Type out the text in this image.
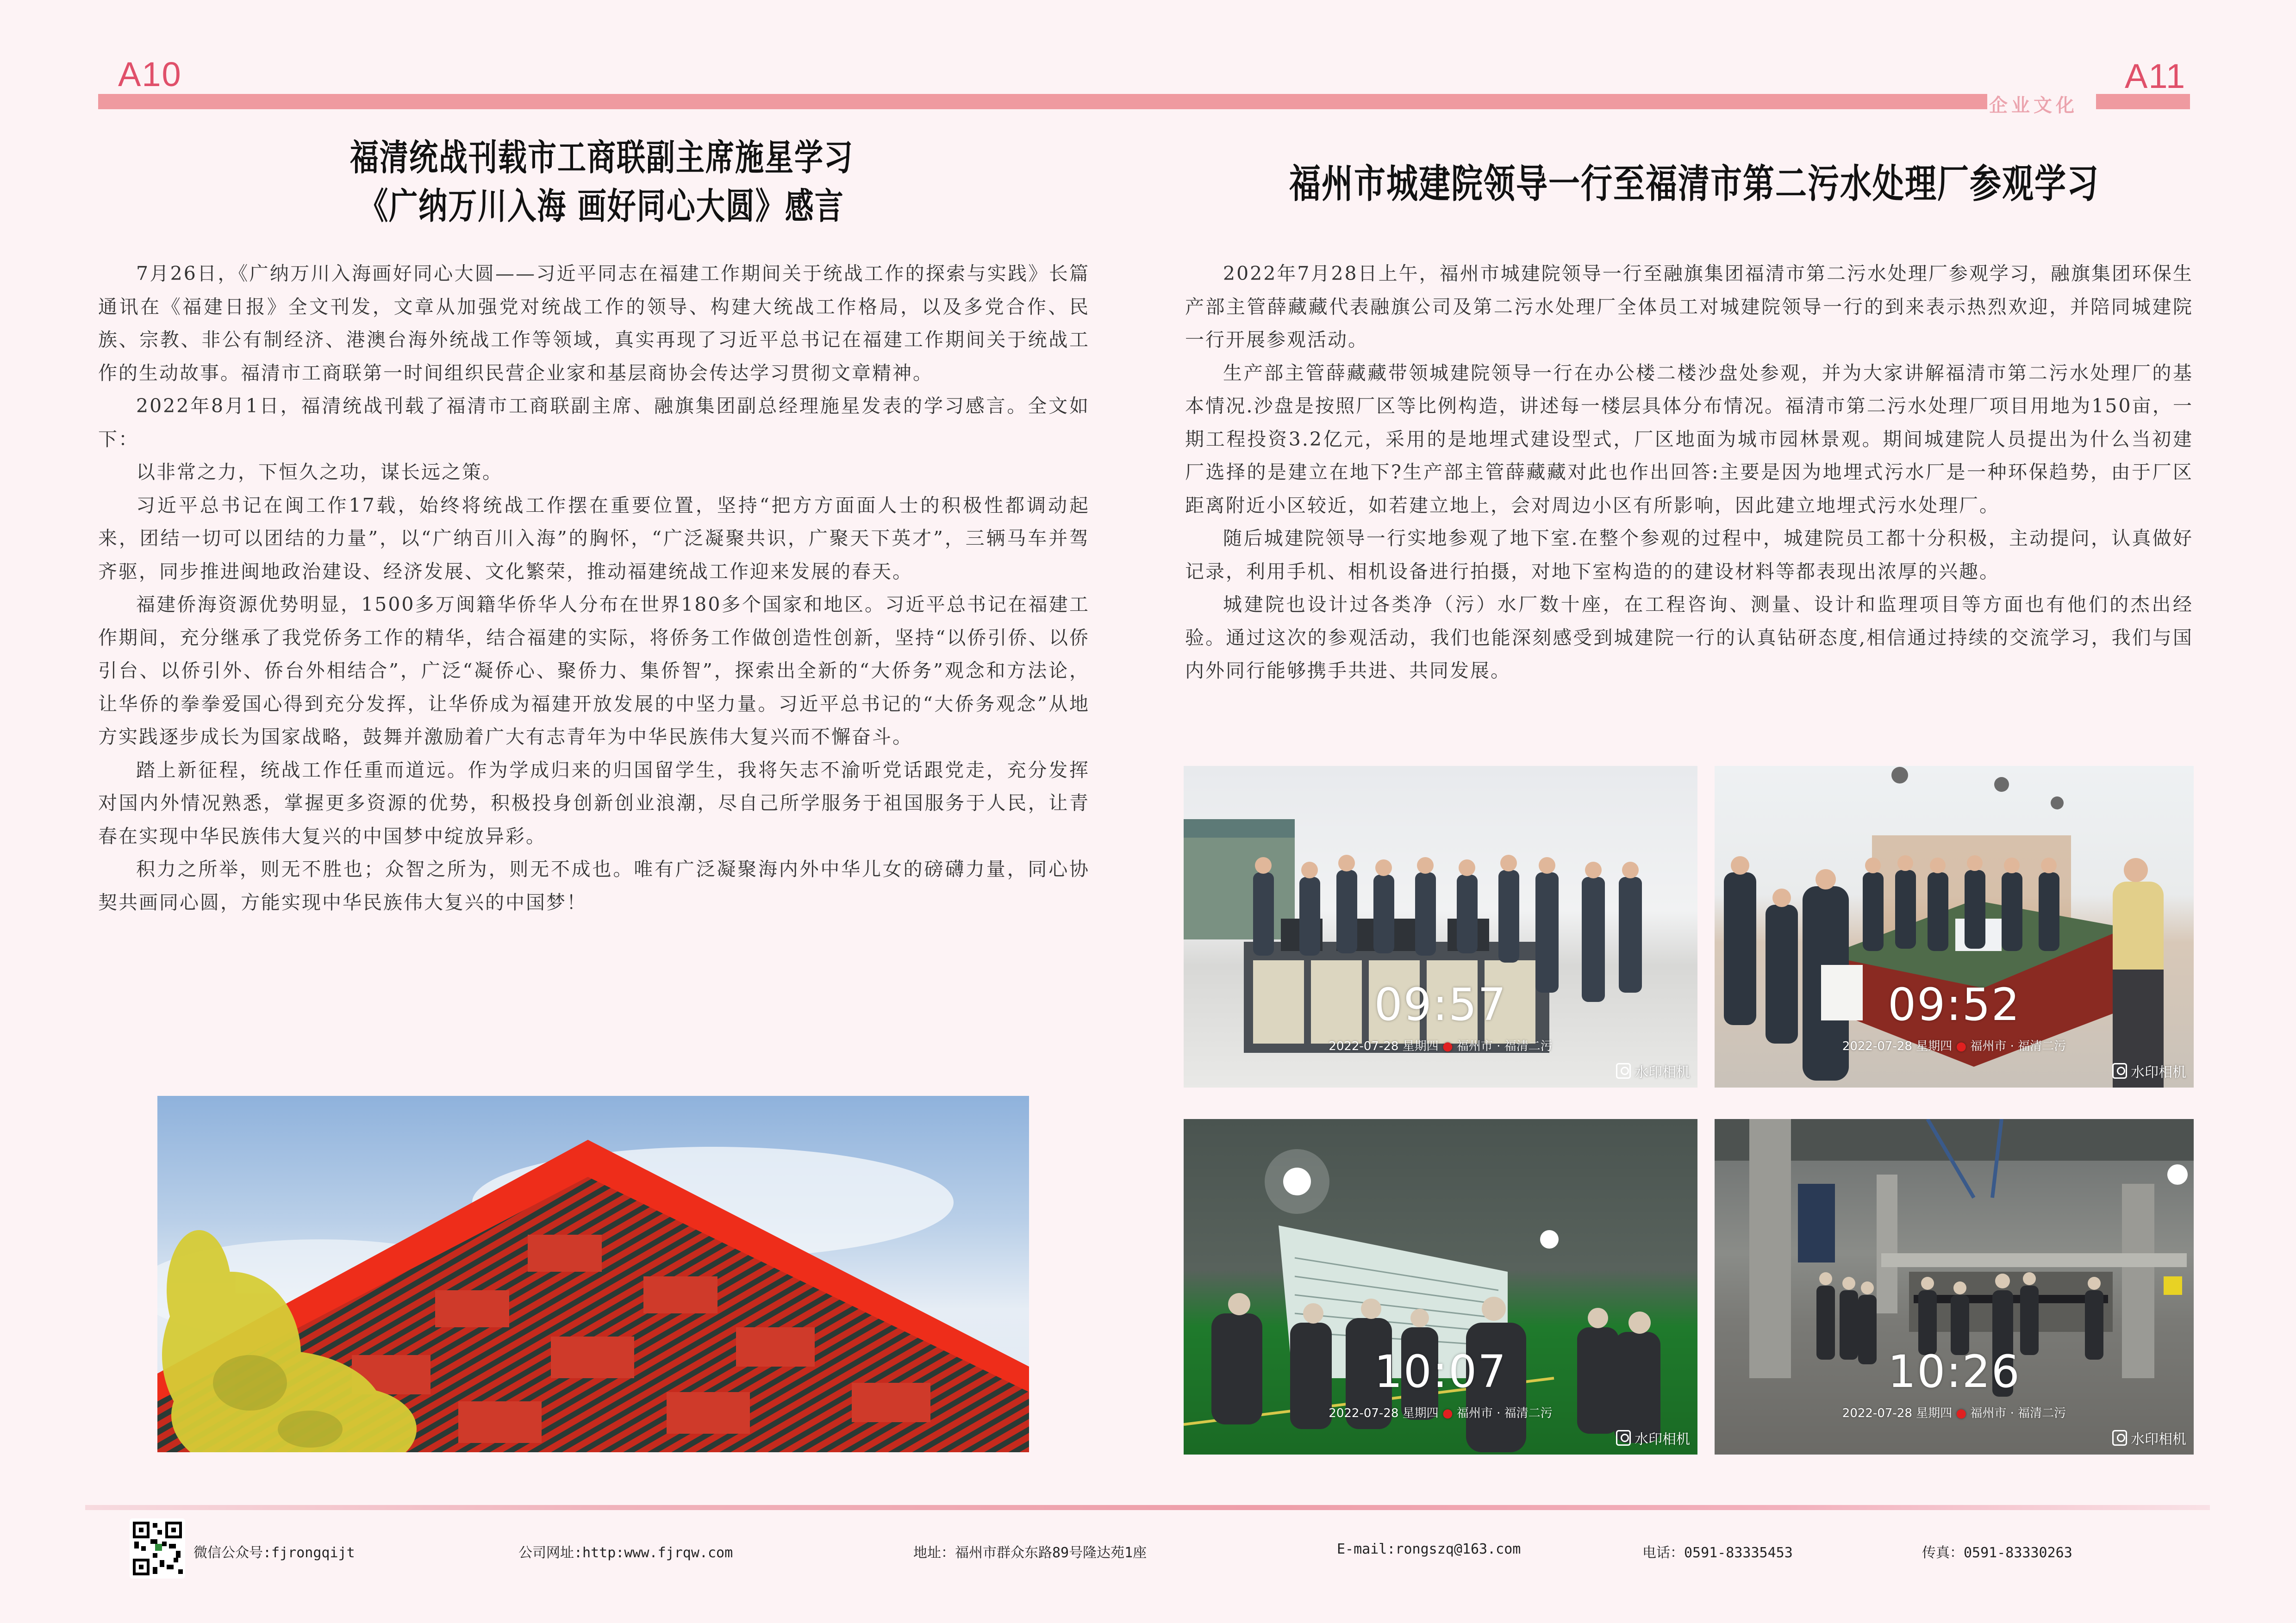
A10
企业文化
A11
福清统战刊载市工商联副主席施星学习
《广纳万川入海 画好同心大圆》感言

7月26日，《广纳万川入海画好同心大圆——习近平同志在福建工作期间关于统战工作的探索与实践》长篇通讯在《福建日报》全文刊发，文章从加强党对统战工作的领导、构建大统战工作格局，以及多党合作、民族、宗教、非公有制经济、港澳台海外统战工作等领域，真实再现了习近平总书记在福建工作期间关于统战工作的生动故事。福清市工商联第一时间组织民营企业家和基层商协会传达学习贯彻文章精神。

2022年8月1日，福清统战刊载了福清市工商联副主席、融旗集团副总经理施星发表的学习感言。全文如下：

以非常之力，下恒久之功，谋长远之策。

习近平总书记在闽工作17载，始终将统战工作摆在重要位置，坚持“把方方面面人士的积极性都调动起来，团结一切可以团结的力量”，以“广纳百川入海”的胸怀，“广泛凝聚共识，广聚天下英才”，三辆马车并驾齐驱，同步推进闽地政治建设、经济发展、文化繁荣，推动福建统战工作迎来发展的春天。

福建侨海资源优势明显，1500多万闽籍华侨华人分布在世界180多个国家和地区。习近平总书记在福建工作期间，充分继承了我党侨务工作的精华，结合福建的实际，将侨务工作做创造性创新，坚持“以侨引侨、以侨引台、以侨引外、侨台外相结合”，广泛“凝侨心、聚侨力、集侨智”，探索出全新的“大侨务”观念和方法论，让华侨的拳拳爱国心得到充分发挥，让华侨成为福建开放发展的中坚力量。习近平总书记的“大侨务观念”从地方实践逐步成长为国家战略，鼓舞并激励着广大有志青年为中华民族伟大复兴而不懈奋斗。

踏上新征程，统战工作任重而道远。作为学成归来的归国留学生，我将矢志不渝听党话跟党走，充分发挥对国内外情况熟悉，掌握更多资源的优势，积极投身创新创业浪潮，尽自己所学服务于祖国服务于人民，让青春在实现中华民族伟大复兴的中国梦中绽放异彩。

积力之所举，则无不胜也；众智之所为，则无不成也。唯有广泛凝聚海内外中华儿女的磅礴力量，同心协契共画同心圆，方能实现中华民族伟大复兴的中国梦！

福州市城建院领导一行至福清市第二污水处理厂参观学习

2022年7月28日上午，福州市城建院领导一行至融旗集团福清市第二污水处理厂参观学习，融旗集团环保生产部主管薛藏藏代表融旗公司及第二污水处理厂全体员工对城建院领导一行的到来表示热烈欢迎，并陪同城建院一行开展参观活动。

生产部主管薛藏藏带领城建院领导一行在办公楼二楼沙盘处参观，并为大家讲解福清市第二污水处理厂的基本情况.沙盘是按照厂区等比例构造，讲述每一楼层具体分布情况。福清市第二污水处理厂项目用地为150亩，一期工程投资3.2亿元，采用的是地埋式建设型式，厂区地面为城市园林景观。期间城建院人员提出为什么当初建厂选择的是建立在地下?生产部主管薛藏藏对此也作出回答:主要是因为地埋式污水厂是一种环保趋势，由于厂区距离附近小区较近，如若建立地上，会对周边小区有所影响，因此建立地埋式污水处理厂。

随后城建院领导一行实地参观了地下室.在整个参观的过程中，城建院员工都十分积极，主动提问，认真做好记录，利用手机、相机设备进行拍摄，对地下室构造的的建设材料等都表现出浓厚的兴趣。

城建院也设计过各类净（污）水厂数十座，在工程咨询、测量、设计和监理项目等方面也有他们的杰出经验。通过这次的参观活动，我们也能深刻感受到城建院一行的认真钻研态度,相信通过持续的交流学习，我们与国内外同行能够携手共进、共同发展。

09:57
2022-07-28 星期四 ● 福州市 · 福清二污
水印相机
09:52
2022-07-28 星期四 ● 福州市 · 福清二污
水印相机
10:07
2022-07-28 星期四 ● 福州市 · 福清二污
水印相机
10:26
2022-07-28 星期四 ● 福州市 · 福清二污
水印相机
微信公众号:fjrongqijt	公司网址:http:www.fjrqw.com	地址：福州市群众东路89号隆达苑1座	E-mail:rongszq@163.com	电话：0591-83335453	传真：0591-83330263
